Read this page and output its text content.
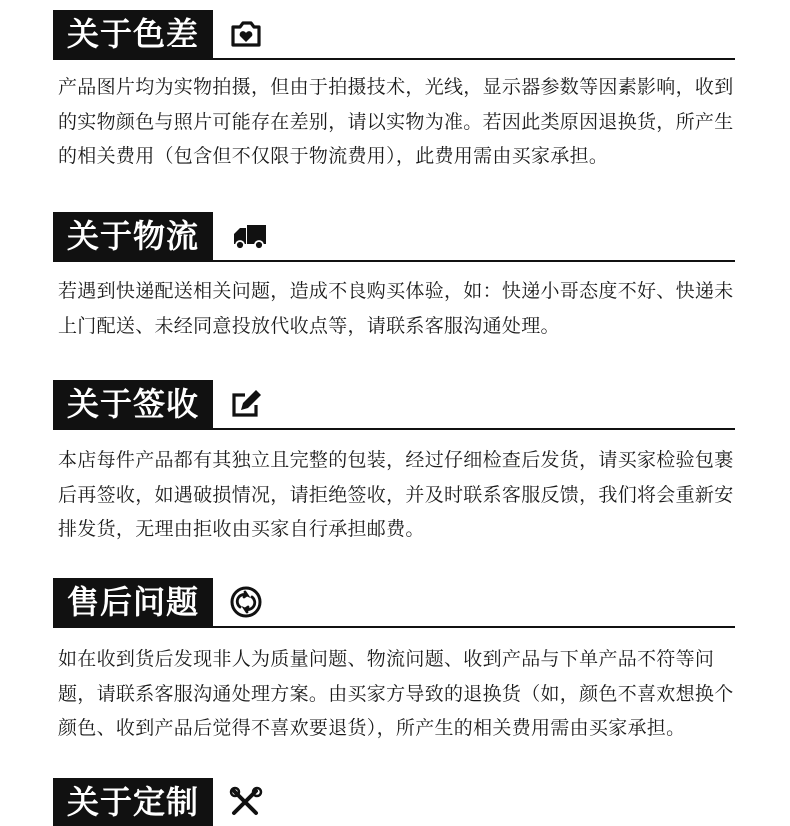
关于色差

产品图片均为实物拍摄，但由于拍摄技术，光线，显示器参数等因素影响，收到的实物颜色与照片可能存在差别，请以实物为准。若因此类原因退换货，所产生的相关费用（包含但不仅限于物流费用），此费用需由买家承担。

关于物流

若遇到快递配送相关问题，造成不良购买体验，如：快递小哥态度不好、快递未上门配送、未经同意投放代收点等，请联系客服沟通处理。

关于签收

本店每件产品都有其独立且完整的包装，经过仔细检查后发货，请买家检验包裹后再签收，如遇破损情况，请拒绝签收，并及时联系客服反馈，我们将会重新安排发货，无理由拒收由买家自行承担邮费。

售后问题

如在收到货后发现非人为质量问题、物流问题、收到产品与下单产品不符等问题，请联系客服沟通处理方案。由买家方导致的退换货（如，颜色不喜欢想换个颜色、收到产品后觉得不喜欢要退货），所产生的相关费用需由买家承担。

关于定制
